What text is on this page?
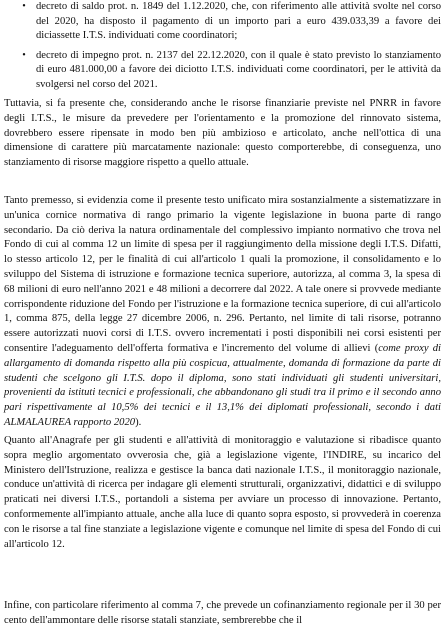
• decreto di saldo prot. n. 1849 del 1.12.2020, che, con riferimento alle attività svolte nel corso del 2020, ha disposto il pagamento di un importo pari a euro 439.033,39 a favore dei diciassette I.T.S. individuati come coordinatori;
• decreto di impegno prot. n. 2137 del 22.12.2020, con il quale è stato previsto lo stanziamento di euro 481.000,00 a favore dei diciotto I.T.S. individuati come coordinatori, per le attività da svolgersi nel corso del 2021.

Tuttavia, si fa presente che, considerando anche le risorse finanziarie previste nel PNRR in favore degli I.T.S., le misure da prevedere per l'orientamento e la promozione del rinnovato sistema, dovrebbero essere ripensate in modo ben più ambizioso e articolato, anche nell'ottica di una dimensione di carattere più marcatamente nazionale: questo comporterebbe, di conseguenza, uno stanziamento di risorse maggiore rispetto a quello attuale.

Tanto premesso, si evidenzia come il presente testo unificato mira sostanzialmente a sistematizzare in un'unica cornice normativa di rango primario la vigente legislazione in buona parte di rango secondario. Da ciò deriva la natura ordinamentale del complessivo impianto normativo che trova nel Fondo di cui al comma 12 un limite di spesa per il raggiungimento della missione degli I.T.S. Difatti, lo stesso articolo 12, per le finalità di cui all'articolo 1 quali la promozione, il consolidamento e lo sviluppo del Sistema di istruzione e formazione tecnica superiore, autorizza, al comma 3, la spesa di 68 milioni di euro nell'anno 2021 e 48 milioni a decorrere dal 2022. A tale onere si provvede mediante corrispondente riduzione del Fondo per l'istruzione e la formazione tecnica superiore, di cui all'articolo 1, comma 875, della legge 27 dicembre 2006, n. 296. Pertanto, nel limite di tali risorse, potranno essere autorizzati nuovi corsi di I.T.S. ovvero incrementati i posti disponibili nei corsi esistenti per consentire l'adeguamento dell'offerta formativa e l'incremento del volume di allievi (come proxy di allargamento di domanda rispetto alla più cospicua, attualmente, domanda di formazione da parte di studenti che scelgono gli I.T.S. dopo il diploma, sono stati individuati gli studenti universitari, provenienti da istituti tecnici e professionali, che abbandonano gli studi tra il primo e il secondo anno pari rispettivamente al 10,5% dei tecnici e il 13,1% dei diplomati professionali, secondo i dati ALMALAUREA rapporto 2020).

Quanto all'Anagrafe per gli studenti e all'attività di monitoraggio e valutazione si ribadisce quanto sopra meglio argomentato ovverosia che, già a legislazione vigente, l'INDIRE, su incarico del Ministero dell'Istruzione, realizza e gestisce la banca dati nazionale I.T.S., il monitoraggio nazionale, conduce un'attività di ricerca per indagare gli elementi strutturali, organizzativi, didattici e di sviluppo praticati nei diversi I.T.S., portandoli a sistema per avviare un processo di innovazione. Pertanto, conformemente all'impianto attuale, anche alla luce di quanto sopra esposto, si provvederà in coerenza con le risorse a tal fine stanziate a legislazione vigente e comunque nel limite di spesa del Fondo di cui all'articolo 12.

Infine, con particolare riferimento al comma 7, che prevede un cofinanziamento regionale per il 30 per cento dell'ammontare delle risorse statali stanziate, sembrerebbe che il
